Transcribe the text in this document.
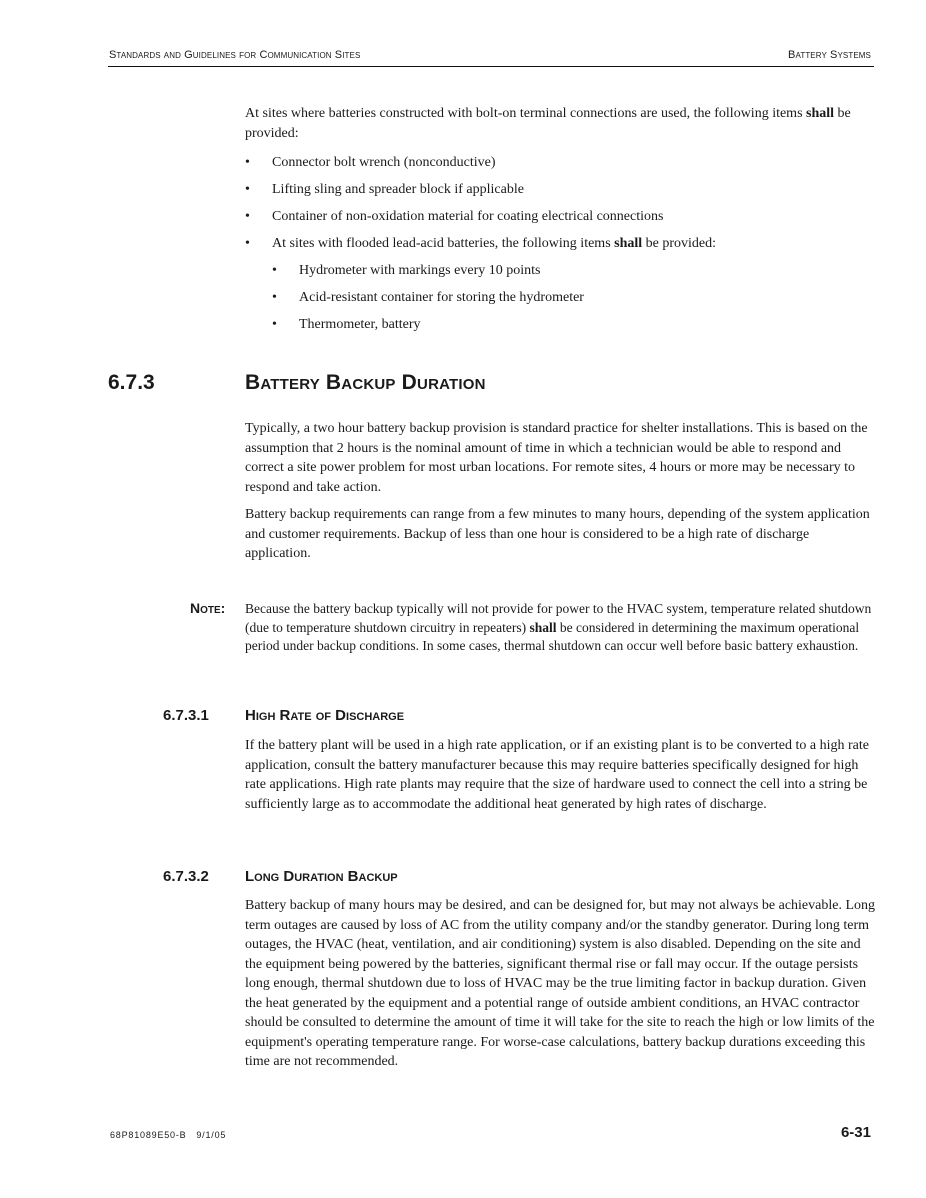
Standards and Guidelines for Communication Sites	Battery Systems

At sites where batteries constructed with bolt-on terminal connections are used, the following items shall be provided:

• Connector bolt wrench (nonconductive)
• Lifting sling and spreader block if applicable
• Container of non-oxidation material for coating electrical connections
• At sites with flooded lead-acid batteries, the following items shall be provided:
• Hydrometer with markings every 10 points
• Acid-resistant container for storing the hydrometer
• Thermometer, battery
6.7.3	Battery Backup Duration

Typically, a two hour battery backup provision is standard practice for shelter installations. This is based on the assumption that 2 hours is the nominal amount of time in which a technician would be able to respond and correct a site power problem for most urban locations. For remote sites, 4 hours or more may be necessary to respond and take action.

Battery backup requirements can range from a few minutes to many hours, depending of the system application and customer requirements. Backup of less than one hour is considered to be a high rate of discharge application.

Note: Because the battery backup typically will not provide for power to the HVAC system, temperature related shutdown (due to temperature shutdown circuitry in repeaters) shall be considered in determining the maximum operational period under backup conditions. In some cases, thermal shutdown can occur well before basic battery exhaustion.

6.7.3.1 High Rate of Discharge

If the battery plant will be used in a high rate application, or if an existing plant is to be converted to a high rate application, consult the battery manufacturer because this may require batteries specifically designed for high rate applications. High rate plants may require that the size of hardware used to connect the cell into a string be sufficiently large as to accommodate the additional heat generated by high rates of discharge.

6.7.3.2 Long Duration Backup

Battery backup of many hours may be desired, and can be designed for, but may not always be achievable. Long term outages are caused by loss of AC from the utility company and/or the standby generator. During long term outages, the HVAC (heat, ventilation, and air conditioning) system is also disabled. Depending on the site and the equipment being powered by the batteries, significant thermal rise or fall may occur. If the outage persists long enough, thermal shutdown due to loss of HVAC may be the true limiting factor in backup duration. Given the heat generated by the equipment and a potential range of outside ambient conditions, an HVAC contractor should be consulted to determine the amount of time it will take for the site to reach the high or low limits of the equipment's operating temperature range. For worse-case calculations, battery backup durations exceeding this time are not recommended.

68P81089E50-B   9/1/05	6-31
